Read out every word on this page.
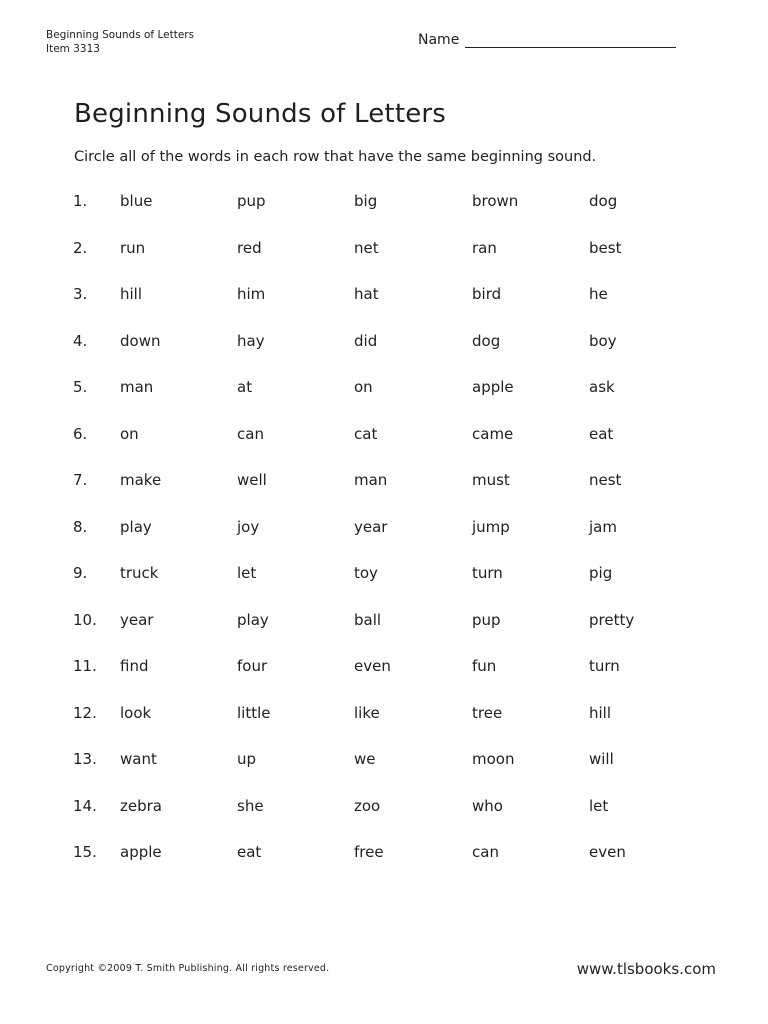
Beginning Sounds of Letters
Item 3313
Name
Beginning Sounds of Letters
Circle all of the words in each row that have the same beginning sound.
1. blue	pup	big	brown	dog
2. run	red	net	ran	best
3. hill	him	hat	bird	he
4. down	hay	did	dog	boy
5. man	at	on	apple	ask
6. on	can	cat	came	eat
7. make	well	man	must	nest
8. play	joy	year	jump	jam
9. truck	let	toy	turn	pig
10. year	play	ball	pup	pretty
11. find	four	even	fun	turn
12. look	little	like	tree	hill
13. want	up	we	moon	will
14. zebra	she	zoo	who	let
15. apple	eat	free	can	even
Copyright ©2009 T. Smith Publishing. All rights reserved.	www.tlsbooks.com
